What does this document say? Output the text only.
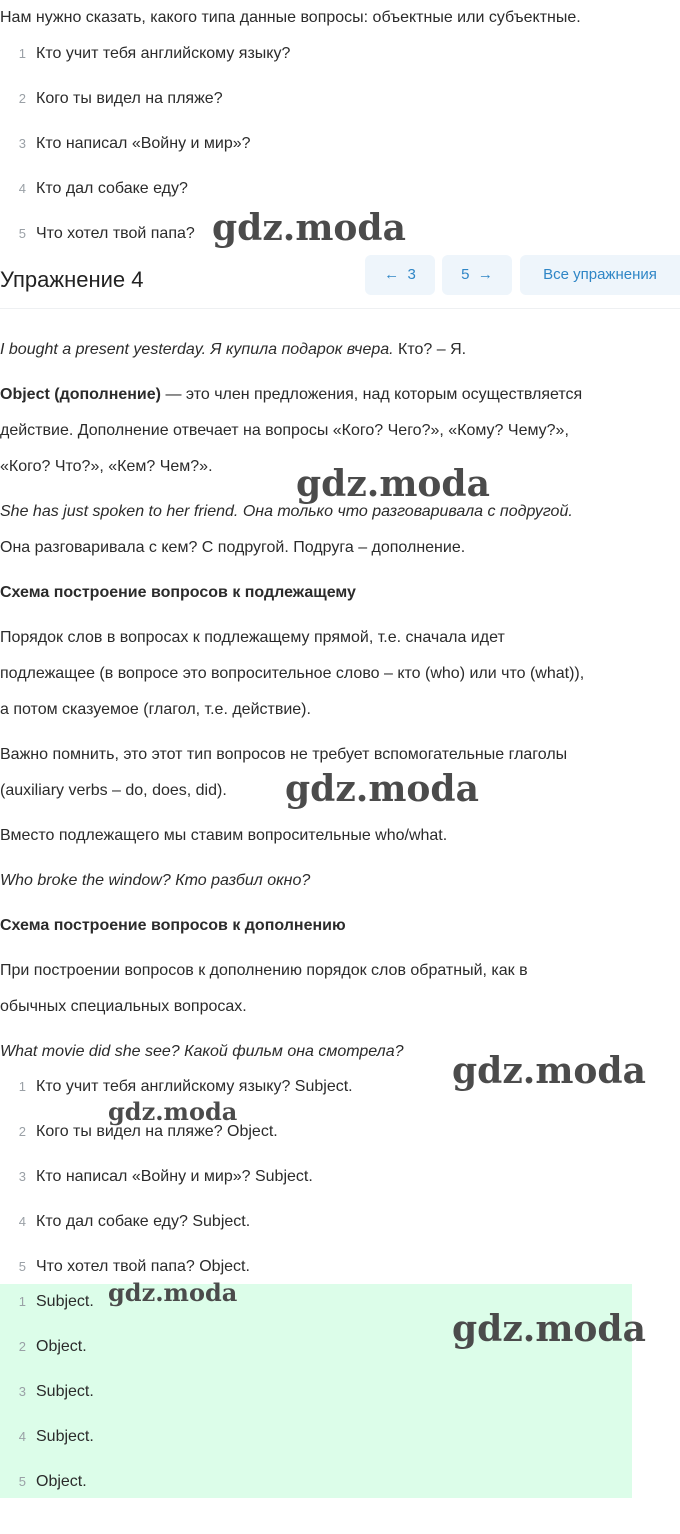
Нам нужно сказать, какого типа данные вопросы: объектные или субъектные.
1 Кто учит тебя английскому языку?
2 Кого ты видел на пляже?
3 Кто написал «Войну и мир»?
4 Кто дал собаке еду?
5 Что хотел твой папа?
I bought a present yesterday. Я купила подарок вчера. Кто? – Я.
Object (дополнение) — это член предложения, над которым осуществляется
действие. Дополнение отвечает на вопросы «Кого? Чего?», «Кому? Чему?»,
«Кого? Что?», «Кем? Чем?».
She has just spoken to her friend. Она только что разговаривала с подругой.
Она разговаривала с кем? С подругой. Подруга – дополнение.
Схема построение вопросов к подлежащему
Порядок слов в вопросах к подлежащему прямой, т.е. сначала идет
подлежащее (в вопросе это вопросительное слово – кто (who) или что (what)),
а потом сказуемое (глагол, т.е. действие).
Важно помнить, это этот тип вопросов не требует вспомогательные глаголы
(auxiliary verbs – do, does, did).
Вместо подлежащего мы ставим вопросительные who/what.
Who broke the window? Кто разбил окно?
Схема построение вопросов к дополнению
При построении вопросов к дополнению порядок слов обратный, как в
обычных специальных вопросах.
What movie did she see? Какой фильм она смотрела?
1 Кто учит тебя английскому языку? Subject.
2 Кого ты видел на пляже? Object.
3 Кто написал «Войну и мир»? Subject.
4 Кто дал собаке еду? Subject.
5 Что хотел твой папа? Object.
1 Subject.
2 Object.
3 Subject.
4 Subject.
5 Object.
Упражнение 4	← 3	5 →	Все упражнения
gdz.moda
gdz.moda
gdz.moda
gdz.moda
gdz.moda
gdz.moda
gdz.moda
